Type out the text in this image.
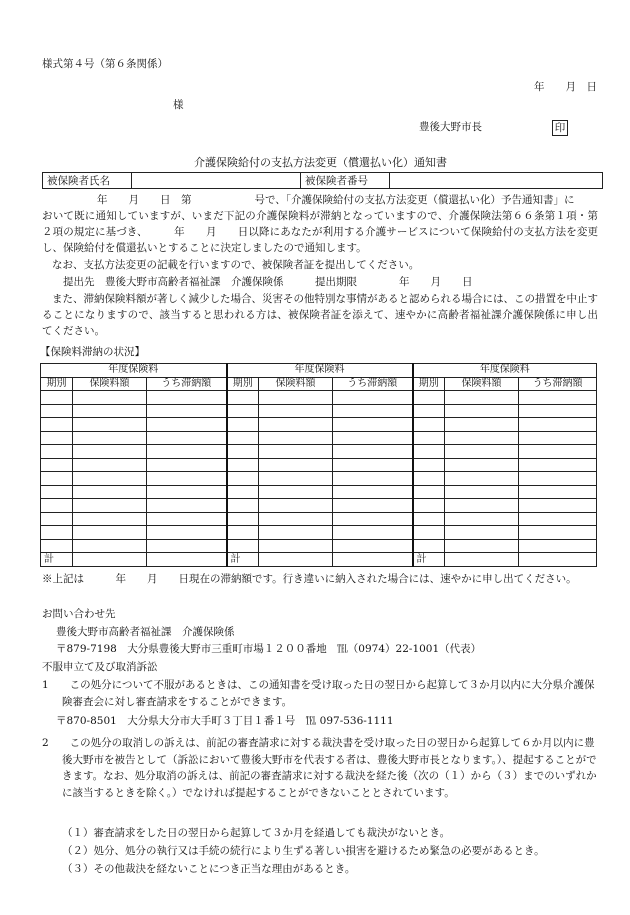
様式第４号（第６条関係）
年　　月　日
様
豊後大野市長	印
介護保険給付の支払方法変更（償還払い化）通知書
被保険者氏名		被保険者番号	
年　　月　　日　第　　　　　　号で、「介護保険給付の支払方法変更（償還払い化）予告通知書」に
おいて既に通知していますが、いまだ下記の介護保険料が滞納となっていますので、介護保険法第６６条第１項・第２項の規定に基づき、　　　年　　月　　日以降にあなたが利用する介護サービスについて保険給付の支払方法を変更し、保険給付を償還払いとすることに決定しましたので通知します。
なお、支払方法変更の記載を行いますので、被保険者証を提出してください。
提出先　豊後大野市高齢者福祉課　介護保険係　　　提出期限　　　　年　　月　　日
また、滞納保険料額が著しく減少した場合、災害その他特別な事情があると認められる場合には、この措置を中止することになりますので、該当すると思われる方は、被保険者証を添えて、速やかに高齢者福祉課介護保険係に申し出てください。
【保険料滞納の状況】
年度保険料			年度保険料			年度保険料		
期別	保険料額	うち滞納額	期別	保険料額	うち滞納額	期別	保険料額	うち滞納額

計			計			計		
※上記は　　　年　　月　　日現在の滞納額です。行き違いに納入された場合には、速やかに申し出てください。
お問い合わせ先
豊後大野市高齢者福祉課　介護保険係
〒879-7198　大分県豊後大野市三重町市場１２００番地　℡（0974）22-1001（代表）
不服申立て及び取消訴訟
1　　この処分について不服があるときは、この通知書を受け取った日の翌日から起算して３か月以内に大分県介護保険審査会に対し審査請求をすることができます。
〒870-8501　大分県大分市大手町３丁目１番１号　℡ 097-536-1111
2　　この処分の取消しの訴えは、前記の審査請求に対する裁決書を受け取った日の翌日から起算して６か月以内に豊後大野市を被告として（訴訟において豊後大野市を代表する者は、豊後大野市長となります。）、提起することができます。なお、処分取消の訴えは、前記の審査請求に対する裁決を経た後（次の（１）から（３）までのいずれかに該当するときを除く。）でなければ提起することができないこととされています。
（１）審査請求をした日の翌日から起算して３か月を経過しても裁決がないとき。
（２）処分、処分の執行又は手続の続行により生ずる著しい損害を避けるため緊急の必要があるとき。
（３）その他裁決を経ないことにつき正当な理由があるとき。
